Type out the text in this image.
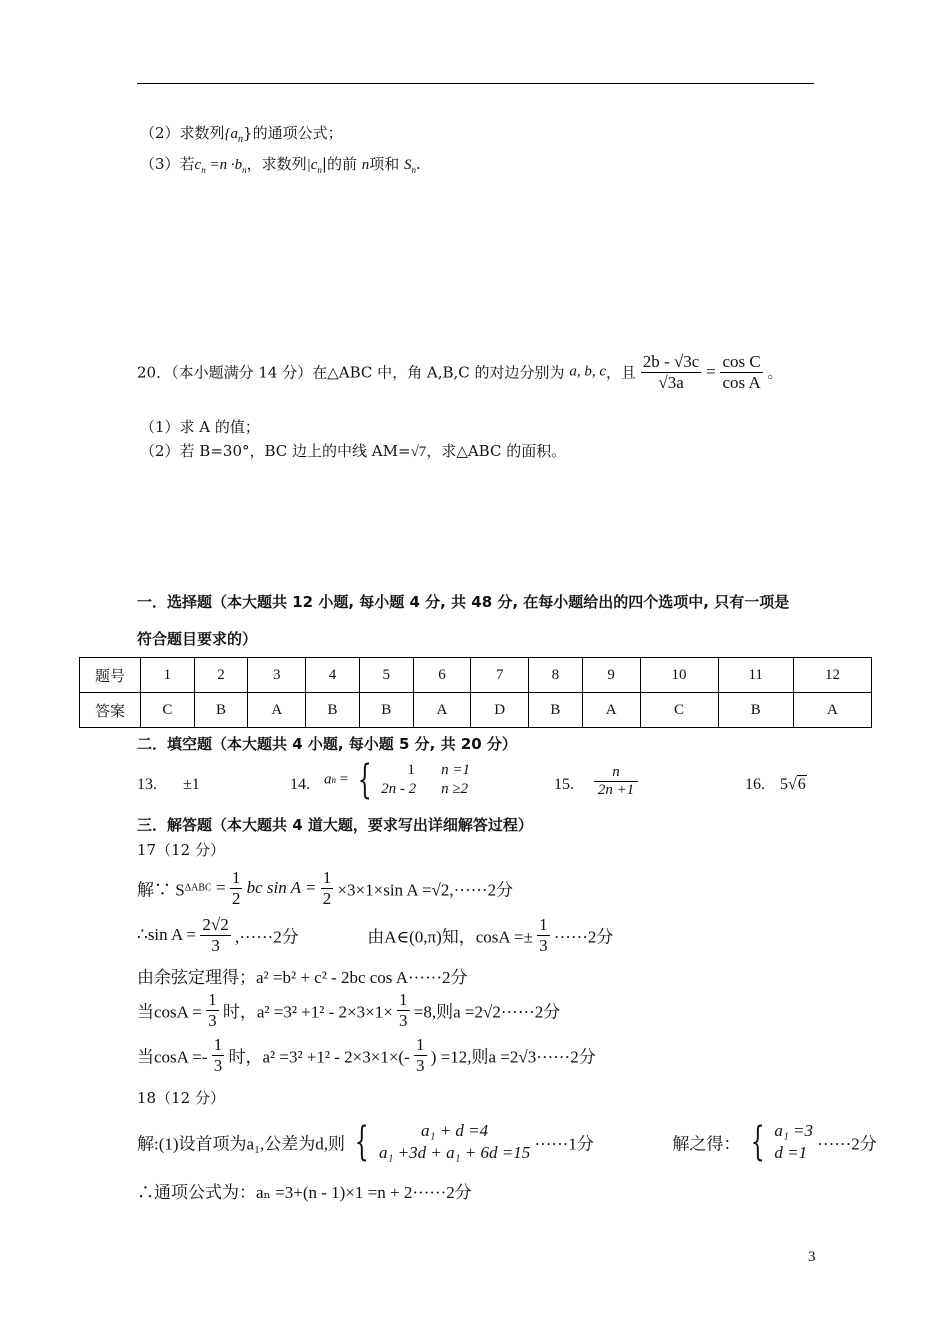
（2）求数列$\{a_n\}$的通项公式；
（3）若$c_n =n \cdot b_n$，求数列$|c_n|$的前 n项和 $S_n$.
20．（本小题满分 14 分）在△ABC 中，角 A,B,C 的对边分别为 a, b, c，且 $\frac{2b - √3c}{√3a} = \frac{\text{cos C}}{\text{cos A}}$ 。
（1）求 A 的值；
（2）若 B=30°，BC 边上的中线 AM=√7，求△ABC 的面积。
一．选择题（本大题共 12 小题, 每小题 4 分, 共 48 分, 在每小题给出的四个选项中, 只有一项是
符合题目要求的）
题号	1	2	3	4	5	6	7	8	9	10	11	12
答案	C	B	A	B	B	A	D	B	A	C	B	A
二．填空题（本大题共 4 小题, 每小题 5 分, 共 20 分）
13. ±1	14. an = {	1 n =1
2n - 2 n ≥2	15. $\frac{n}{2n +1}$	16. 5√6
三．解答题（本大题共 4 道大题，要求写出详细解答过程）
17（12 分）
解∵ $S\Delta ABC = \frac{1}{2}$ bc $\sin A = \frac{1}{2} \times 3\times 1\times\sin$ A =√2,······2分
∴sin $A = \frac{2√2}{3} ,\cdot\cdot\cdot\cdot\cdot\cdot 2$分	由A∈(0,π)知，$\cos A =\pm \frac{1}{3} \cdot\cdot\cdot\cdot\cdot\cdot 2$分
由余弦定理得；a² =b² + c² - 2bc cos A······2分
当$\cos A = \frac{1}{3}$ 时，$a^2 =3^2 +1^2 - 2\times 3\times 1\times \frac{1}{3} =8$,则a =2√2······2分
当$\cos A =- \frac{1}{3}$ 时，$a^2 =3^2 +1^2 - 2\times 3\times 1\times(- \frac{1}{3}$ ) =12,则a =2√3······2分
18（12 分）
解:(1)设首项为a₁,公差为d,则 {	a₁ + d =4
a₁ +3d + a₁ + 6d =15 ······1分	解之得： { a₁ =3
d =1 ······2分
∴通项公式为：aₙ =3+(n - 1)×1 =n + 2······2分
3
